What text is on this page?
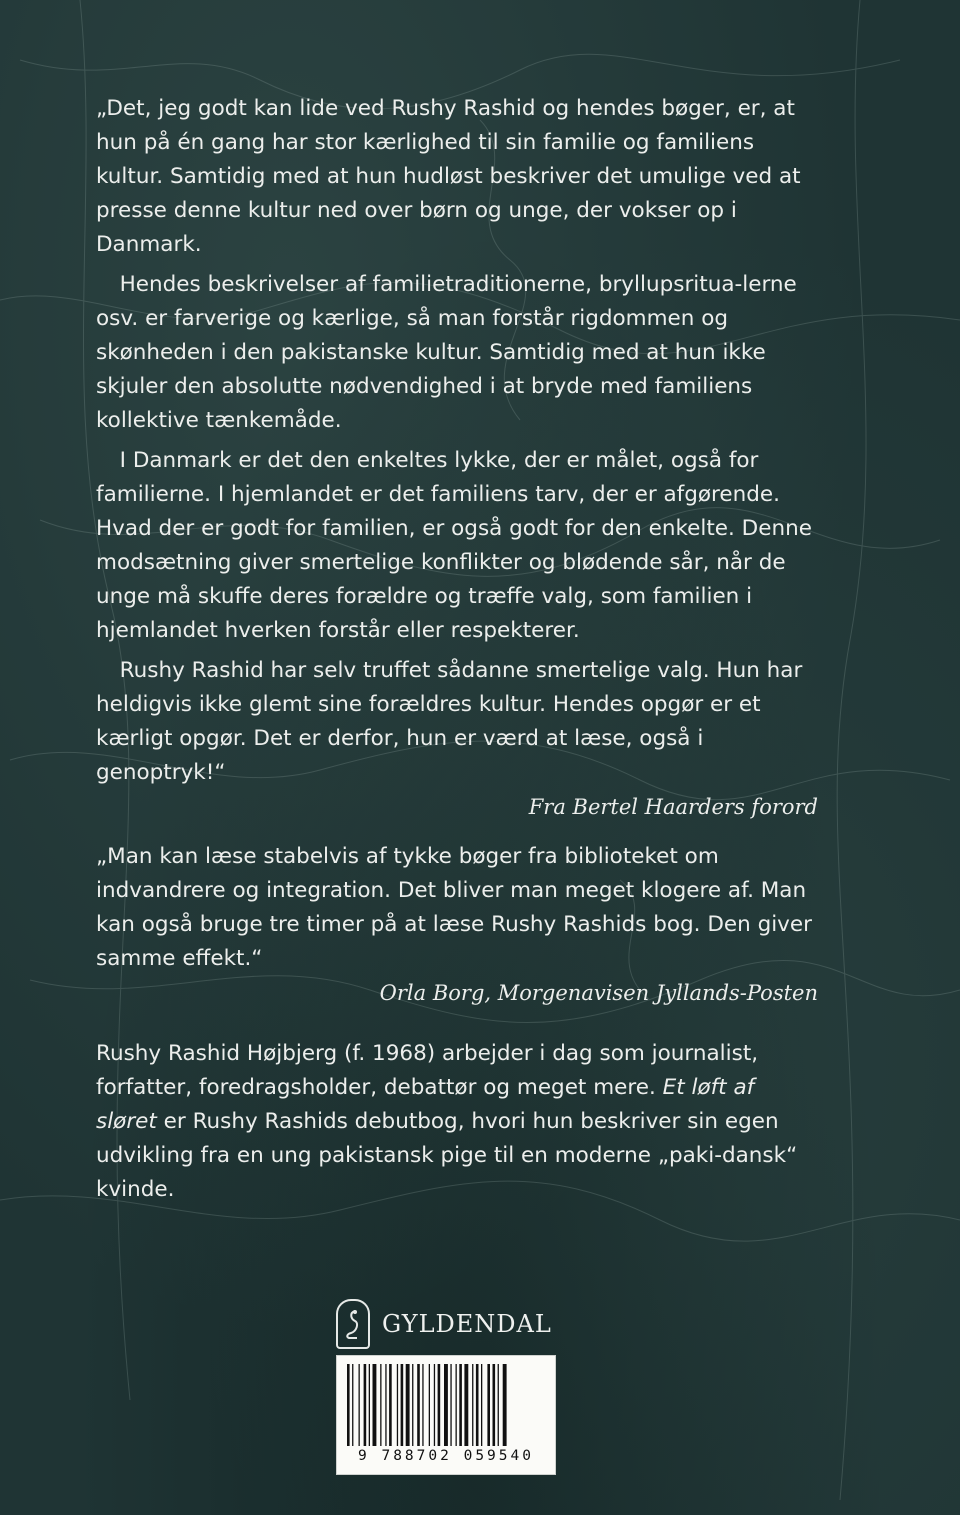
„Det, jeg godt kan lide ved Rushy Rashid og hendes bøger, er, at hun på én gang har stor kærlighed til sin familie og familiens kultur. Samtidig med at hun hudløst beskriver det umulige ved at presse denne kultur ned over børn og unge, der vokser op i Danmark.

Hendes beskrivelser af familietraditionerne, bryllupsritua-lerne osv. er farverige og kærlige, så man forstår rigdommen og skønheden i den pakistanske kultur. Samtidig med at hun ikke skjuler den absolutte nødvendighed i at bryde med familiens kollektive tænkemåde.

I Danmark er det den enkeltes lykke, der er målet, også for familierne. I hjemlandet er det familiens tarv, der er afgørende. Hvad der er godt for familien, er også godt for den enkelte. Denne modsætning giver smertelige konflikter og blødende sår, når de unge må skuffe deres forældre og træffe valg, som familien i hjemlandet hverken forstår eller respekterer.

Rushy Rashid har selv truffet sådanne smertelige valg. Hun har heldigvis ikke glemt sine forældres kultur. Hendes opgør er et kærligt opgør. Det er derfor, hun er værd at læse, også i genoptryk!“

Fra Bertel Haarders forord

„Man kan læse stabelvis af tykke bøger fra biblioteket om indvandrere og integration. Det bliver man meget klogere af. Man kan også bruge tre timer på at læse Rushy Rashids bog. Den giver samme effekt.“

Orla Borg, Morgenavisen Jyllands-Posten

Rushy Rashid Højbjerg (f. 1968) arbejder i dag som journalist, forfatter, foredragsholder, debattør og meget mere. Et løft af sløret er Rushy Rashids debutbog, hvori hun beskriver sin egen udvikling fra en ung pakistansk pige til en moderne „paki-dansk“ kvinde.

GYLDENDAL
9 788702 059540
